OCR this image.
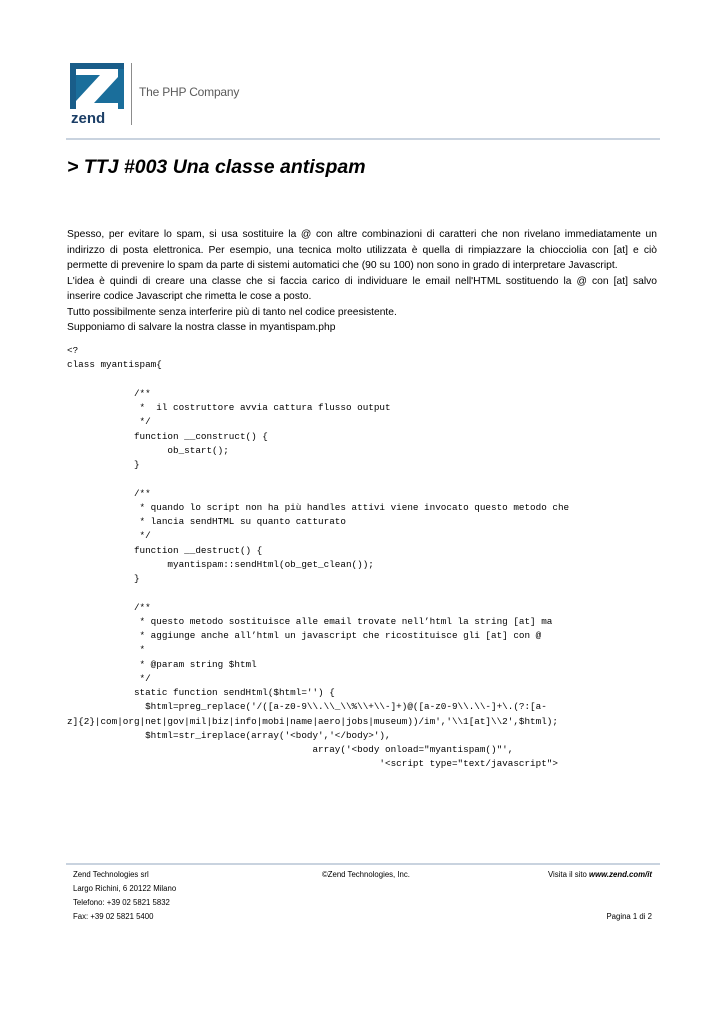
zend
The PHP Company
> TTJ #003 Una classe antispam
Spesso, per evitare lo spam, si usa sostituire la @ con altre combinazioni di caratteri che non rivelano immediatamente un
indirizzo di posta elettronica. Per esempio, una tecnica molto utilizzata è quella di rimpiazzare la chiocciolia con [at] e ciò
permette di prevenire lo spam da parte di sistemi automatici che (90 su 100) non sono in grado di interpretare Javascript.
L'idea è quindi di creare una classe che si faccia carico di individuare le email nell'HTML sostituendo la @ con [at] salvo
inserire codice Javascript che rimetta le cose a posto.
Tutto possibilmente senza interferire più di tanto nel codice preesistente.
Supponiamo di salvare la nostra classe in myantispam.php
<?
class myantispam{

/**
*  il costruttore avvia cattura flusso output
*/
function __construct() {
ob_start();
}

/**
* quando lo script non ha più handles attivi viene invocato questo metodo che
* lancia sendHTML su quanto catturato
*/
function __destruct() {
myantispam::sendHtml(ob_get_clean());
}

/**
* questo metodo sostituisce alle email trovate nell’html la string [at] ma
* aggiunge anche all’html un javascript che ricostituisce gli [at] con @
*
* @param string $html
*/
static function sendHtml($html='') {
$html=preg_replace('/([a-z0-9\\.\\_\\%\\+\\-]+)@([a-z0-9\\.\\-]+\.(?:[a-
z]{2}|com|org|net|gov|mil|biz|info|mobi|name|aero|jobs|museum))/im','\\1[at]\\2',$html);
$html=str_ireplace(array('<body','</body>'),
array('<body onload="myantispam()"',
'<script type="text/javascript">
Zend Technologies srl
Largo Richini, 6 20122 Milano
Telefono: +39 02 5821 5832
Fax: +39 02 5821 5400
©Zend Technologies, Inc.	Visita il sito www.zend.com/it
Pagina 1 di 2
